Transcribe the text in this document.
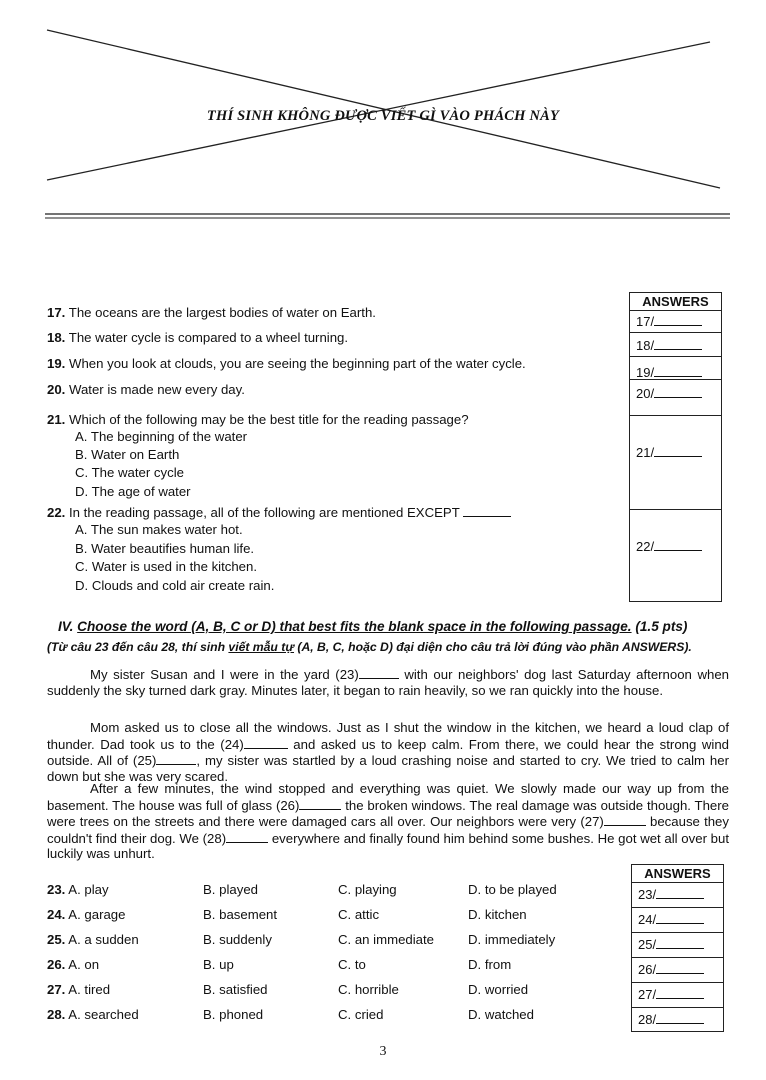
THÍ SINH KHÔNG ĐƯỢC VIẾT GÌ VÀO PHÁCH NÀY
17. The oceans are the largest bodies of water on Earth.
18. The water cycle is compared to a wheel turning.
19. When you look at clouds, you are seeing the beginning part of the water cycle.
20. Water is made new every day.
21. Which of the following may be the best title for the reading passage?
A. The beginning of the water
B. Water on Earth
C. The water cycle
D. The age of water
22. In the reading passage, all of the following are mentioned EXCEPT
A. The sun makes water hot.
B. Water beautifies human life.
C. Water is used in the kitchen.
D. Clouds and cold air create rain.
ANSWERS
17/
18/
19/
20/
21/
22/
IV. Choose the word (A, B, C or D) that best fits the blank space in the following passage. (1.5 pts)
(Từ câu 23 đến câu 28, thí sinh viết mẫu tự (A, B, C, hoặc D) đại diện cho câu trả lời đúng vào phần ANSWERS).
My sister Susan and I were in the yard (23)	with our neighbors' dog last Saturday afternoon when suddenly the sky turned dark gray. Minutes later, it began to rain heavily, so we ran quickly into the house.
Mom asked us to close all the windows. Just as I shut the window in the kitchen, we heard a loud clap of thunder. Dad took us to the (24)	and asked us to keep calm. From there, we could hear the strong wind outside. All of (25)	, my sister was startled by a loud crashing noise and started to cry. We tried to calm her down but she was very scared.
After a few minutes, the wind stopped and everything was quiet. We slowly made our way up from the basement. The house was full of glass (26)	the broken windows. The real damage was outside though. There were trees on the streets and there were damaged cars all over. Our neighbors were very (27)	because they couldn't find their dog. We (28)	everywhere and finally found him behind some bushes. He got wet all over but luckily was unhurt.
23. A. play	B. played	C. playing	D. to be played
24. A. garage	B. basement	C. attic	D. kitchen
25. A. a sudden	B. suddenly	C. an immediate	D. immediately
26. A. on	B. up	C. to	D. from
27. A. tired	B. satisfied	C. horrible	D. worried
28. A. searched	B. phoned	C. cried	D. watched
ANSWERS
23/
24/
25/
26/
27/
28/
3
